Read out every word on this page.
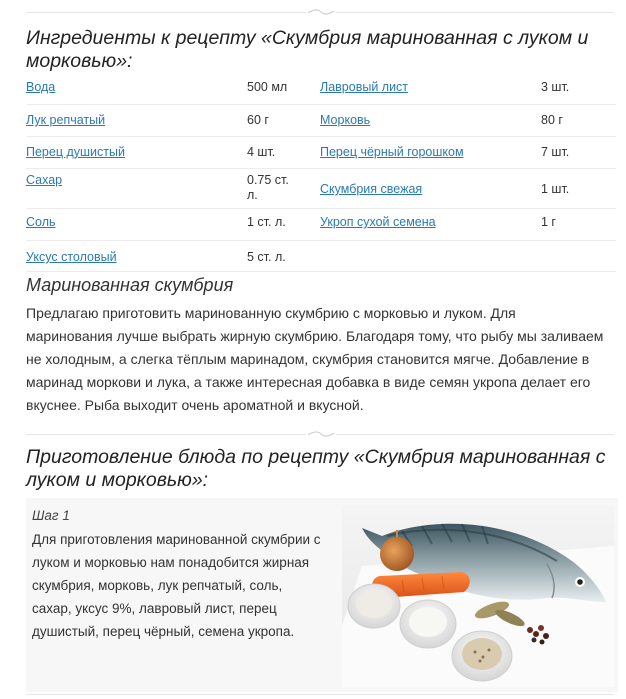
Ингредиенты к рецепту «Скумбрия маринованная с луком и морковью»:
Вода	500 мл	Лавровый лист	3 шт.
Лук репчатый	60 г	Морковь	80 г
Перец душистый	4 шт.	Перец чёрный горошком	7 шт.
Сахар	0.75 ст. л.	Скумбрия свежая	1 шт.
Соль	1 ст. л.	Укроп сухой семена	1 г
Уксус столовый	5 ст. л.
Маринованная скумбрия

Предлагаю приготовить маринованную скумбрию с морковью и луком. Для маринования лучше выбрать жирную скумбрию. Благодаря тому, что рыбу мы заливаем не холодным, а слегка тёплым маринадом, скумбрия становится мягче. Добавление в маринад моркови и лука, а также интересная добавка в виде семян укропа делает его вкуснее. Рыба выходит очень ароматной и вкусной.

Приготовление блюда по рецепту «Скумбрия маринованная с луком и морковью»:
Шаг 1
Для приготовления маринованной скумбрии с луком и морковью нам понадобится жирная скумбрия, морковь, лук репчатый, соль, сахар, уксус 9%, лавровый лист, перец душистый, перец чёрный, семена укропа.
